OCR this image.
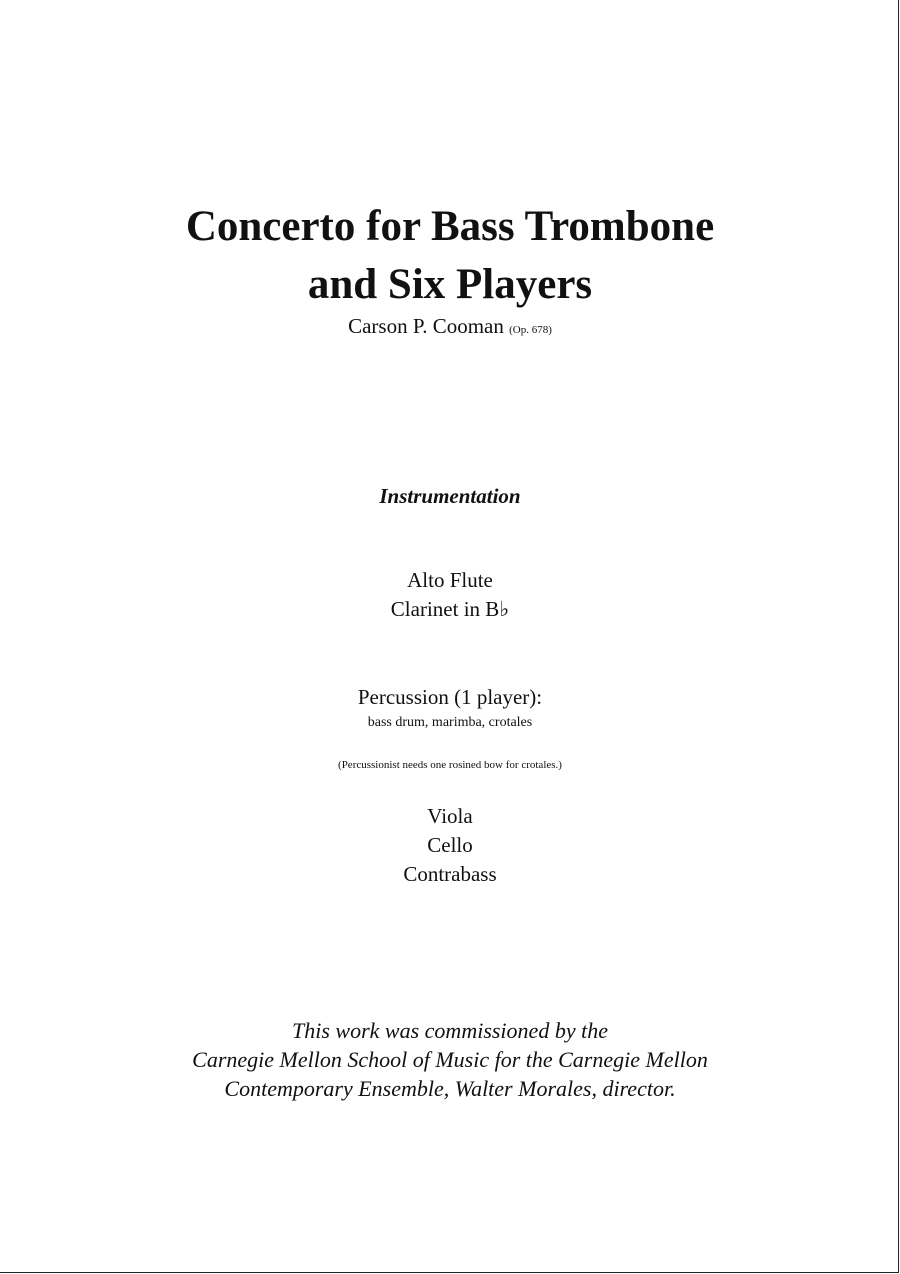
Concerto for Bass Trombone
and Six Players
Carson P. Cooman (Op. 678)
Instrumentation
Alto Flute
Clarinet in B♭
Percussion (1 player):
bass drum, marimba, crotales
(Percussionist needs one rosined bow for crotales.)
Viola
Cello
Contrabass
This work was commissioned by the
Carnegie Mellon School of Music for the Carnegie Mellon
Contemporary Ensemble, Walter Morales, director.
